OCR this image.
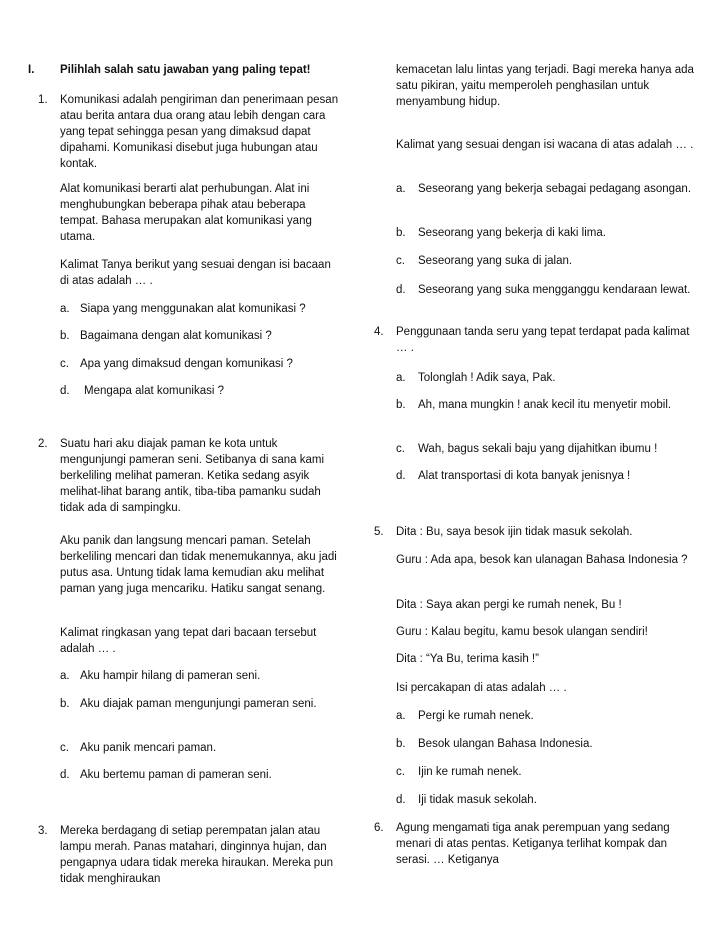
I. Pilihlah salah satu jawaban yang paling tepat!
1. Komunikasi adalah pengiriman dan penerimaan pesan atau berita antara dua orang atau lebih dengan cara yang tepat sehingga pesan yang dimaksud dapat dipahami. Komunikasi disebut juga hubungan atau kontak.
Alat komunikasi berarti alat perhubungan. Alat ini menghubungkan beberapa pihak atau beberapa tempat. Bahasa merupakan alat komunikasi yang utama.
Kalimat Tanya berikut yang sesuai dengan isi bacaan di atas adalah … .
a. Siapa yang menggunakan alat komunikasi ?
b. Bagaimana dengan alat komunikasi ?
c. Apa yang dimaksud dengan komunikasi ?
d. Mengapa alat komunikasi ?
2. Suatu hari aku diajak paman ke kota untuk mengunjungi pameran seni. Setibanya di sana kami berkeliling melihat pameran. Ketika sedang asyik melihat-lihat barang antik, tiba-tiba pamanku sudah tidak ada di sampingku.
Aku panik dan langsung mencari paman. Setelah berkeliling mencari dan tidak menemukannya, aku jadi putus asa. Untung tidak lama kemudian aku melihat paman yang juga mencariku. Hatiku sangat senang.
Kalimat ringkasan yang tepat dari bacaan tersebut adalah … .
a. Aku hampir hilang di pameran seni.
b. Aku diajak paman mengunjungi pameran seni.
c. Aku panik mencari paman.
d. Aku bertemu paman di pameran seni.
3. Mereka berdagang di setiap perempatan jalan atau lampu merah. Panas matahari, dinginnya hujan, dan pengapnya udara tidak mereka hiraukan. Mereka pun tidak menghiraukan
kemacetan lalu lintas yang terjadi. Bagi mereka hanya ada satu pikiran, yaitu memperoleh penghasilan untuk menyambung hidup.
Kalimat yang sesuai dengan isi wacana di atas adalah … .
a. Seseorang yang bekerja sebagai pedagang asongan.
b. Seseorang yang bekerja di kaki lima.
c. Seseorang yang suka di jalan.
d. Seseorang yang suka mengganggu kendaraan lewat.
4. Penggunaan tanda seru yang tepat terdapat pada kalimat … .
a. Tolonglah ! Adik saya, Pak.
b. Ah, mana mungkin ! anak kecil itu menyetir mobil.
c. Wah, bagus sekali baju yang dijahitkan ibumu !
d. Alat transportasi di kota banyak jenisnya !
5. Dita : Bu, saya besok ijin tidak masuk sekolah.
Guru : Ada apa, besok kan ulanagan Bahasa Indonesia ?
Dita : Saya akan pergi ke rumah nenek, Bu !
Guru : Kalau begitu, kamu besok ulangan sendiri!
Dita : “Ya Bu, terima kasih !”
Isi percakapan di atas adalah … .
a. Pergi ke rumah nenek.
b. Besok ulangan Bahasa Indonesia.
c. Ijin ke rumah nenek.
d. Iji tidak masuk sekolah.
6. Agung mengamati tiga anak perempuan yang sedang menari di atas pentas. Ketiganya terlihat kompak dan serasi. … Ketiganya
